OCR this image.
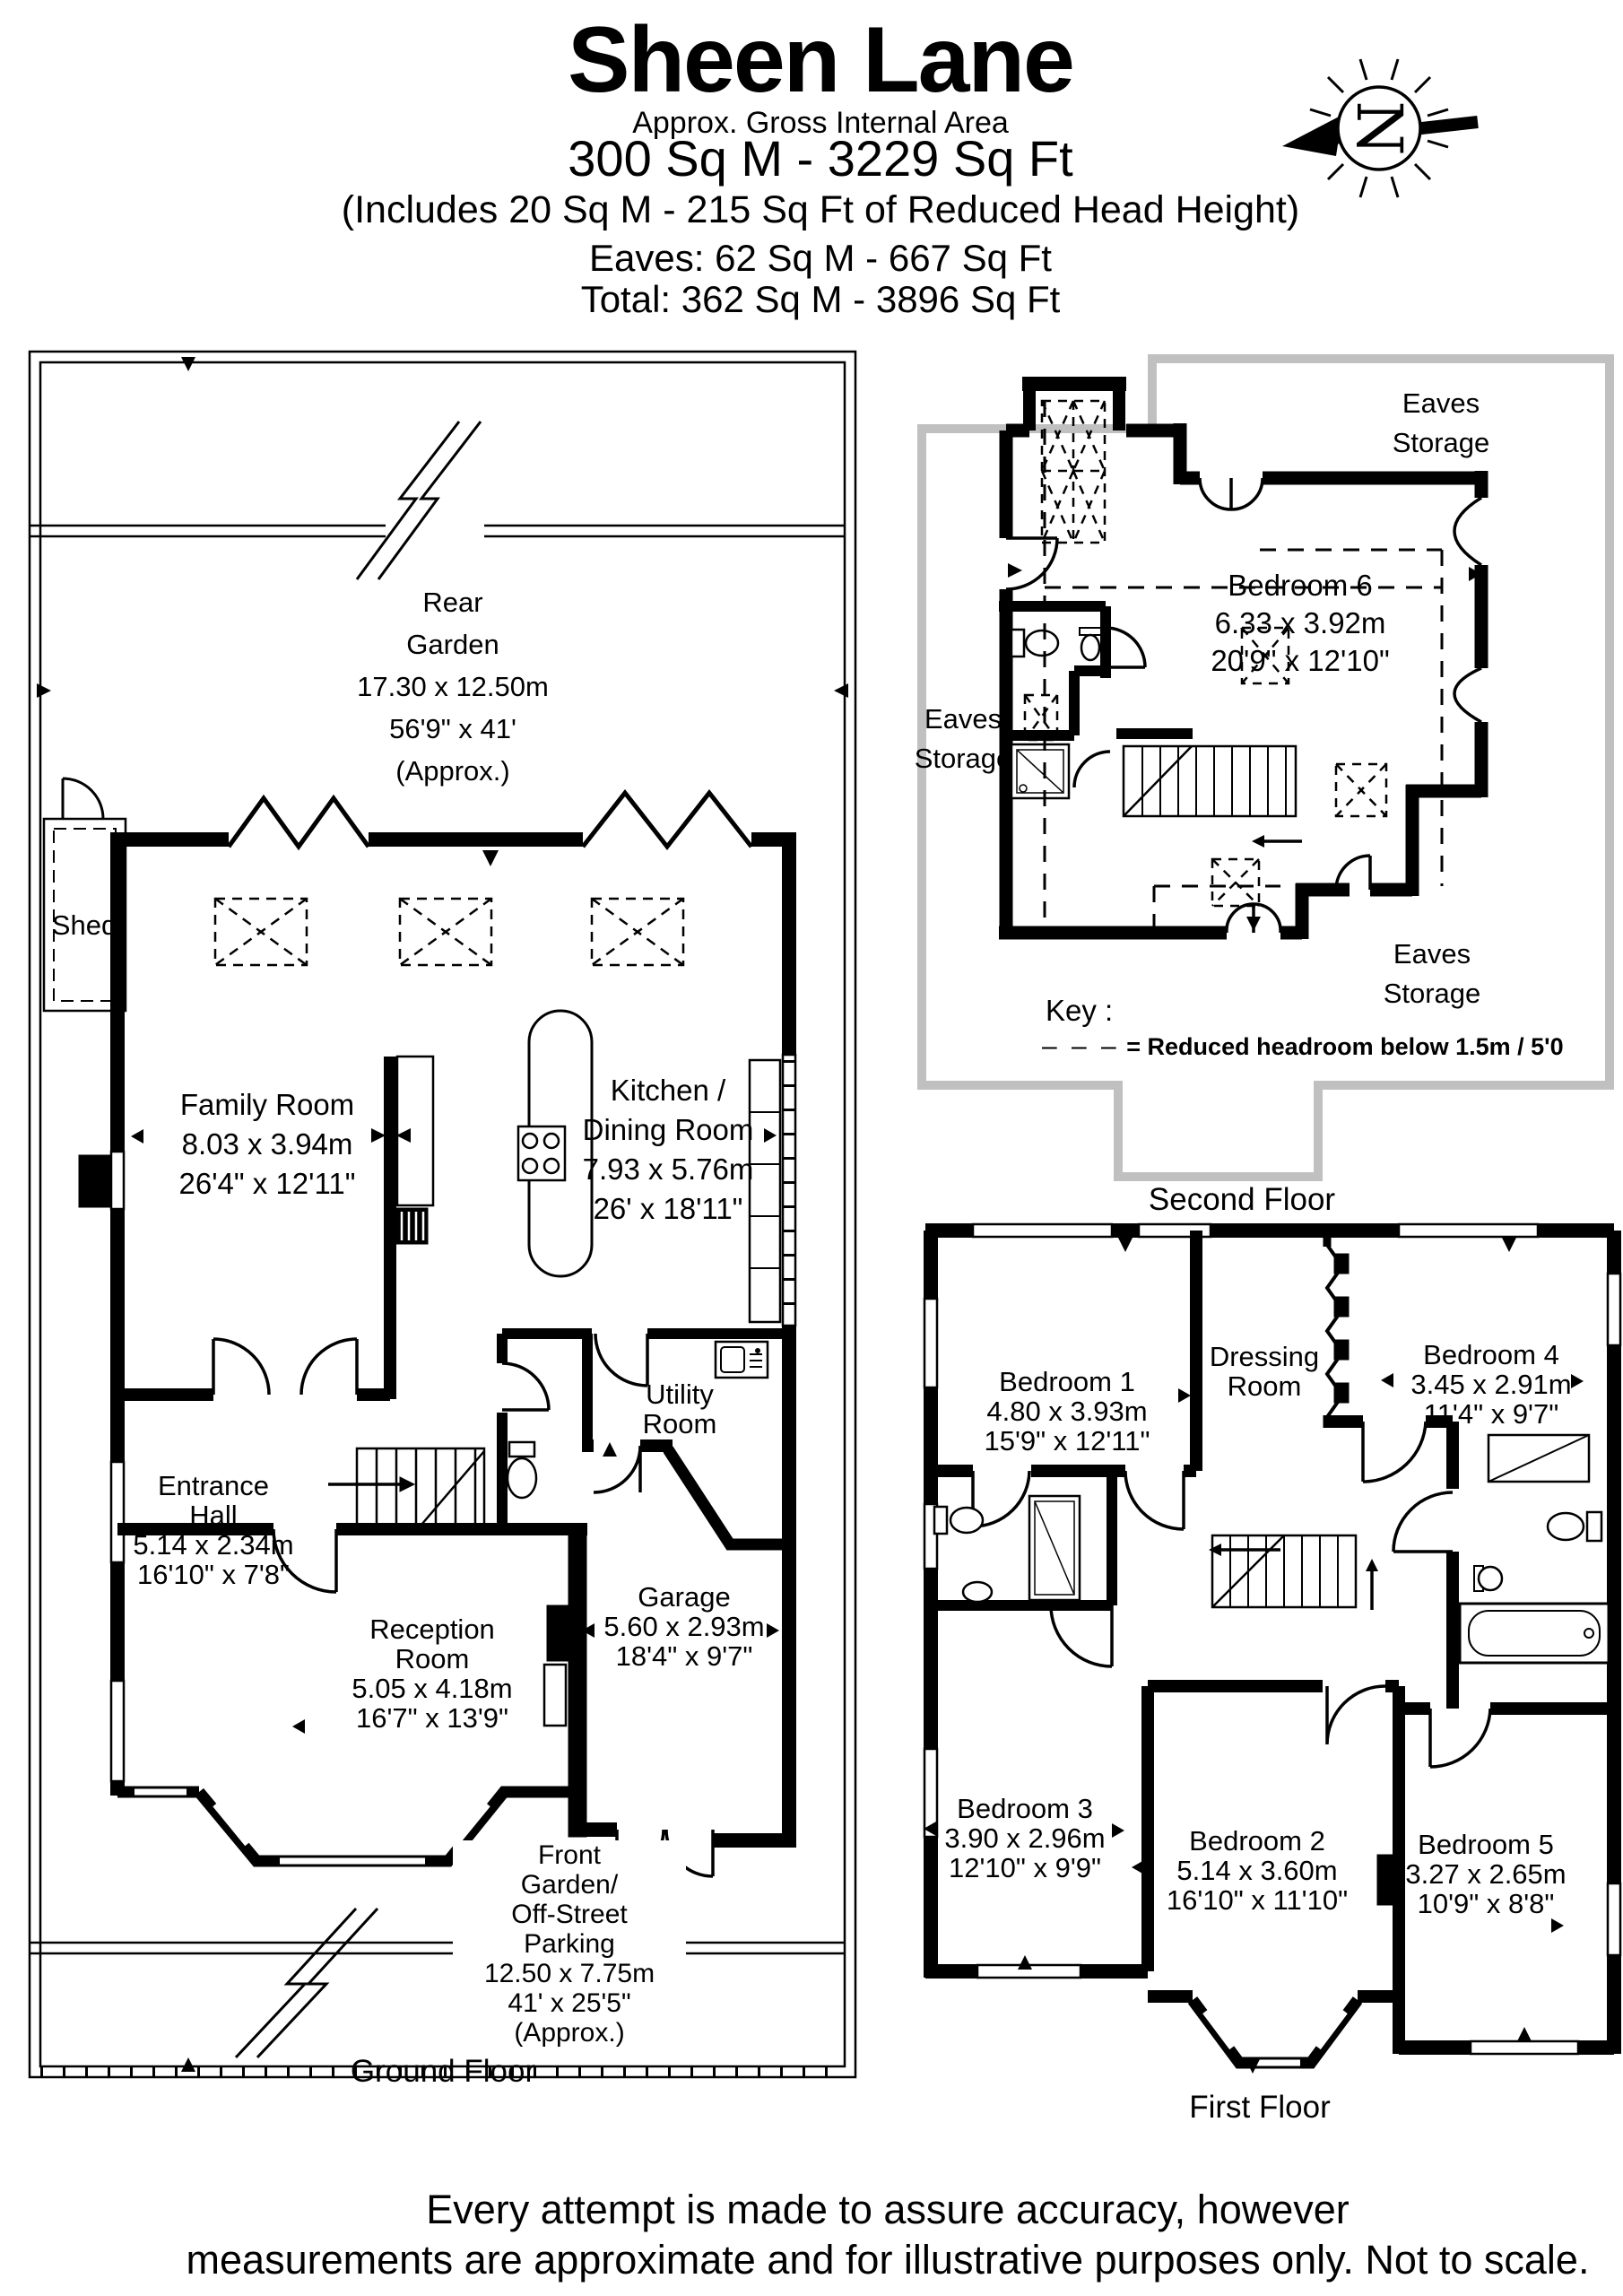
Sheen Lane
Approx. Gross Internal Area
300 Sq M - 3229 Sq Ft
(Includes 20 Sq M - 215 Sq Ft of Reduced Head Height)
Eaves: 62 Sq M - 667 Sq Ft
Total: 362 Sq M - 3896 Sq Ft
N
Rear
Garden
17.30 x 12.50m
56'9" x 41'
(Approx.)
Shed
Family Room
8.03 x 3.94m
26'4" x 12'11"
Kitchen /
Dining Room
7.93 x 5.76m
26' x 18'11"
Utility
Room
Entrance
Hall
5.14 x 2.34m
16'10" x 7'8"
Reception
Room
5.05 x 4.18m
16'7" x 13'9"
Garage
5.60 x 2.93m
18'4" x 9'7"
Front
Garden/
Off-Street
Parking
12.50 x 7.75m
41' x 25'5"
(Approx.)
Ground Floor
Eaves
Storage
Eaves
Storage
Eaves
Storage
Bedroom 6
6.33 x 3.92m
20'9" x 12'10"
Key :
– – – = Reduced headroom below 1.5m / 5'0
Second Floor
Bedroom 1
4.80 x 3.93m
15'9" x 12'11"
Dressing
Room
Bedroom 4
3.45 x 2.91m
11'4" x 9'7"
Bedroom 3
3.90 x 2.96m
12'10" x 9'9"
Bedroom 2
5.14 x 3.60m
16'10" x 11'10"
Bedroom 5
3.27 x 2.65m
10'9" x 8'8"
First Floor
Every attempt is made to assure accuracy, however
measurements are approximate and for illustrative purposes only. Not to scale.
